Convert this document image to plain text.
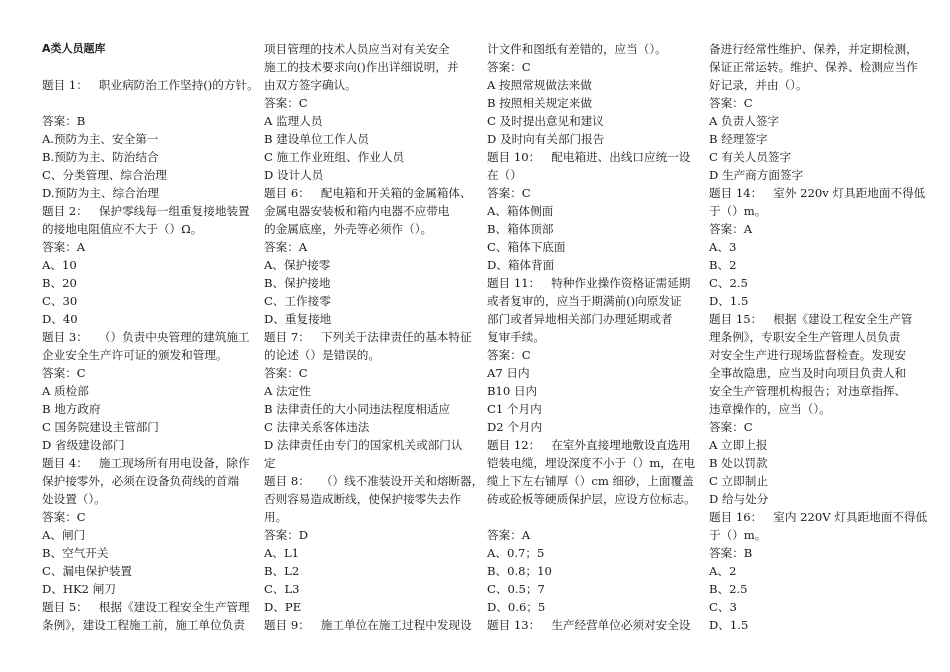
A类人员题库
题目 1：   职业病防治工作坚持()的方针。
答案：B
A.预防为主、安全第一
B.预防为主、防治结合
C、分类管理、综合治理
D.预防为主、综合治理
题目 2：   保护零线每一组重复接地装置
的接地电阻值应不大于（）Ω。
答案：A
A、10
B、20
C、30
D、40
题目 3：   （）负责中央管理的建筑施工
企业安全生产许可证的颁发和管理。
答案：C
A 质检部
B 地方政府
C 国务院建设主管部门
D 省级建设部门
题目 4：   施工现场所有用电设备，除作
保护接零外，必须在设备负荷线的首端
处设置（）。
答案：C
A、闸门
B、空气开关
C、漏电保护装置
D、HK2 闸刀
题目 5：   根据《建设工程安全生产管理
条例》，建设工程施工前，施工单位负责
项目管理的技术人员应当对有关安全
施工的技术要求向()作出详细说明，并
由双方签字确认。
答案：C
A 监理人员
B 建设单位工作人员
C 施工作业班组、作业人员
D 设计人员
题目 6：   配电箱和开关箱的金属箱体、
金属电器安装板和箱内电器不应带电
的金属底座，外壳等必须作（）。
答案：A
A、保护接零
B、保护接地
C、工作接零
D、重复接地
题目 7：   下列关于法律责任的基本特征
的论述（）是错误的。
答案：C
A 法定性
B 法律责任的大小同违法程度相适应
C 法律关系客体违法
D 法律责任由专门的国家机关或部门认
定
题目 8：   （）线不准装设开关和熔断器，
否则容易造成断线，使保护接零失去作
用。
答案：D
A、L1
B、L2
C、L3
D、PE
题目 9：   施工单位在施工过程中发现设
计文件和图纸有差错的，应当（）。
答案：C
A 按照常规做法来做
B 按照相关规定来做
C 及时提出意见和建议
D 及时向有关部门报告
题目 10：   配电箱进、出线口应统一设
在（）
答案：C
A、箱体侧面
B、箱体顶部
C、箱体下底面
D、箱体背面
题目 11：   特种作业操作资格证需延期
或者复审的，应当于期满前()向原发证
部门或者异地相关部门办理延期或者
复审手续。
答案：C
A7 日内
B10 日内
C1 个月内
D2 个月内
题目 12：   在室外直接埋地敷设直选用
铠装电缆，埋设深度不小于（）m，在电
缆上下左右铺厚（）cm 细砂，上面覆盖
砖或砼板等硬质保护层，应设方位标志。
答案：A
A、0.7；5
B、0.8；10
C、0.5；7
D、0.6；5
题目 13：   生产经营单位必须对安全设
备进行经常性维护、保养，并定期检测，
保证正常运转。维护、保养、检测应当作
好记录，并由（）。
答案：C
A 负责人签字
B 经理签字
C 有关人员签字
D 生产商方面签字
题目 14：   室外 220v 灯具距地面不得低
于（）m。
答案：A
A、3
B、2
C、2.5
D、1.5
题目 15：   根据《建设工程安全生产管
理条例》，专职安全生产管理人员负责
对安全生产进行现场监督检查。发现安
全事故隐患，应当及时向项目负责人和
安全生产管理机构报告；对违章指挥、
违章操作的，应当（）。
答案：C
A 立即上报
B 处以罚款
C 立即制止
D 给与处分
题目 16：   室内 220V 灯具距地面不得低
于（）m。
答案：B
A、2
B、2.5
C、3
D、1.5
